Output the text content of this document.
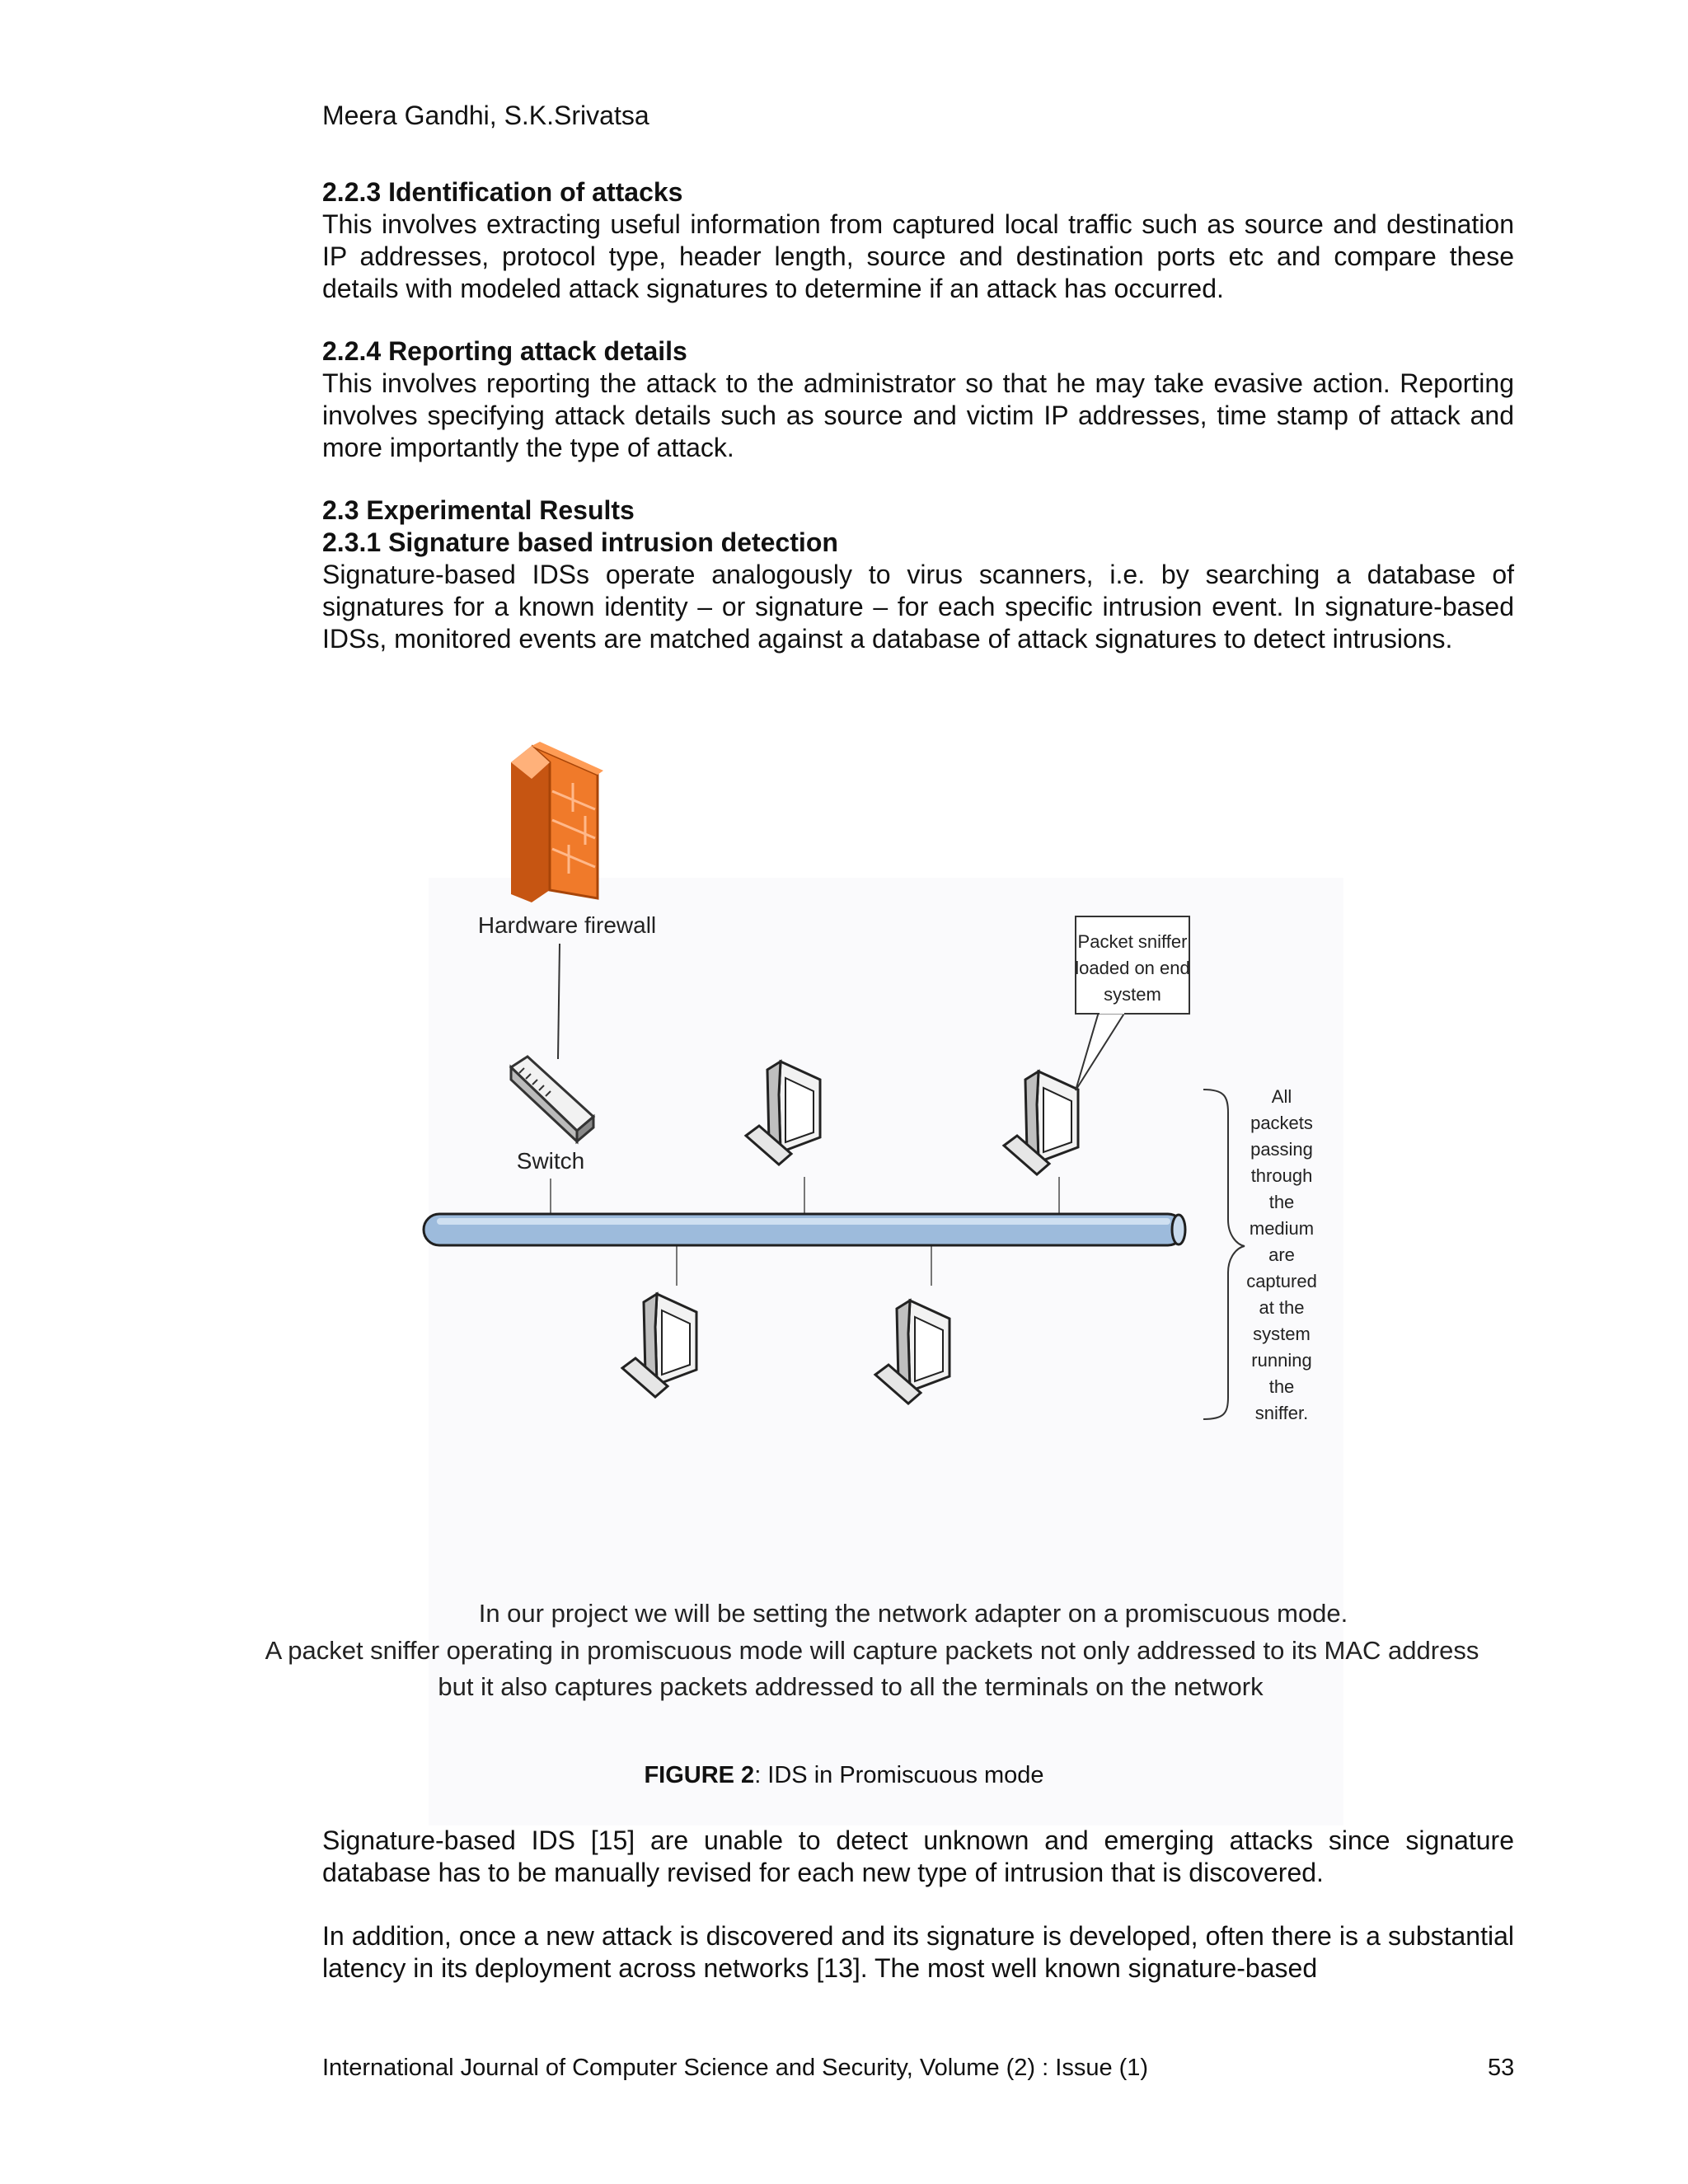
Meera Gandhi, S.K.Srivatsa
2.2.3 Identification of attacks

This involves extracting useful information from captured local traffic such as source and destination IP addresses, protocol type, header length, source and destination ports etc and compare these details with modeled attack signatures to determine if an attack has occurred.

2.2.4 Reporting attack details

This involves reporting the attack to the administrator so that he may take evasive action. Reporting involves specifying attack details such as source and victim IP addresses, time stamp of attack and more importantly the type of attack.

2.3 Experimental Results
2.3.1 Signature based intrusion detection

Signature-based IDSs operate analogously to virus scanners, i.e. by searching a database of signatures for a known identity – or signature – for each specific intrusion event. In signature-based IDSs, monitored events are matched against a database of attack signatures to detect intrusions.

Hardware firewall
Switch
Packet sniffer
loaded on end
system
All
packets
passing
through
the
medium
are
captured
at the
system
running
the
sniffer.
In our project we will be setting the network adapter on a promiscuous mode.
A packet sniffer operating in promiscuous mode will capture packets not only addressed to its MAC address
but it also captures packets addressed to all the terminals on the network
FIGURE 2: IDS in Promiscuous mode

Signature-based IDS [15] are unable to detect unknown and emerging attacks since signature database has to be manually revised for each new type of intrusion that is discovered.

In addition, once a new attack is discovered and its signature is developed, often there is a substantial latency in its deployment across networks [13]. The most well known signature-based

International Journal of Computer Science and Security, Volume (2) : Issue (1)	53
